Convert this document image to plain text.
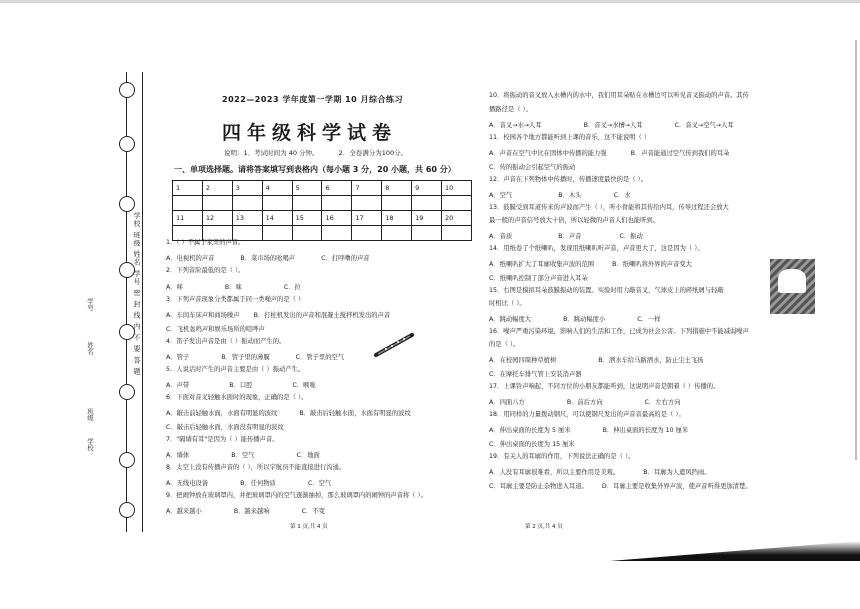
学校 班级 姓名 学号 密 封 线 内 不 要 答 题
学号
姓名
班级
学校
2022—2023 学年度第一学期 10 月综合练习
四年级科学试卷
说明：1．考试时间为 40 分钟。	2．全卷满分为100分。
一、单项选择题。请将答案填写到表格内（每小题 3 分，20 小题，共 60 分）
1	2	3	4	5	6	7	8	9	10

11	12	13	14	15	16	17	18	19	20

1．（ ）不属于家里的声音。
A．电视机的声音	B．菜市场的吆喝声	C．打呼噜的声音
2．下列音阶最低的是（ ）。
A．哆	B．咪	C．拉
3．下列声音现象分类都属于同一类噪声的是（ ）
A．车间车床声和商场噪声 B．打桩机发出的声音和混凝土搅拌机发出的声音
C．飞机轰鸣声和娱乐场所的喧哗声
4．笛子发出声音是由（ ）振动而产生的。
A．管子	B．管子里的薄膜	C．管子里的空气
5．人说话时产生的声音主要是由（ ）振动产生。
A．声带	B．口腔	C．喉咙
6．下面对音叉轻触水面时的现象，正确的是（ ）。
A．敲击前轻触水面，水面有明显的波纹	B．敲击后轻触水面，水面有明显的波纹
C．敲击后轻触水面，水面没有明显的波纹
7．"隔墙有耳"是因为（ ）能传播声音。
A．墙体	B．空气	C．地面
8．太空上没有传播声音的（ ），所以宇航员不能直接进行沟通。
A．无线电设备	B．任何物质	C．空气
9．把闹钟放在玻璃罩内，并把玻璃罩内的空气逐渐抽掉，那么玻璃罩内的闹钟的声音将（ ）。
A．越来越小	B．越来越响	C．不变
第 1 页,共 4 页
10．将振动的音叉放入水槽内的水中，我们用耳朵贴在水槽边可以听见音叉振动的声音。其传
播路径是（ ）。
A．音叉→水→人耳	B．音叉→水槽→人耳	C．音叉→空气→人耳
11．校园各个地方都能听到上课的音乐，这不能说明（ ）
A．声音在空气中比在固体中传播的能力强	B．声音能通过空气传到我们的耳朵
C．传的振动会引起空气的振动
12．声音在下列物体中传播时，传播速度最快的是（ ）。
A．空气	B．木头	C．水
13．鼓膜受到耳道传来的声波而产生（ ），听小骨能将其传给内耳，传导过程还会放大
最一般的声音信号放大十倍，所以轻微的声音人们也能听到。
A．音质	B．声音	C．振动
14．用纸卷了个纸喇叭，发现用纸喇叭听声音，声音更大了，这是因为（ ）。
A．纸喇叭扩大了耳廓收集声波的范围	B．纸喇叭将外界的声音变大
C．纸喇叭控制了部分声音进入耳朵
15．右图是模拟耳朵鼓膜振动的装置。实验时用力敲音叉，气球皮上的碎纸屑与轻敲
时相比（ ）。
A．跳动幅度大	B．跳动幅度小	C．一样
16．噪声严重污染环境，影响人们的生活和工作，已成为社会公害。下列措施中不能减弱噪声
的是（ ）。
A．在校园四周种草植树	B．洒水车给马路洒水，防止尘土飞扬
C．在摩托车排气管上安装消声器
17．上课铃声响起，不同方位的小朋友都能听到，这说明声音是朝着（ ）传播的。
A．四面八方	B．前后方向	C．左右方向
18．用同样的力量拨动钢尺，可以使钢尺发出的声音音最高的是（ ）。
A．伸出桌面的长度为 5 厘米	B．伸出桌面的长度为 10 厘米
C．伸出桌面的长度为 15 厘米
19．有关人的耳廓的作用，下列说法正确的是（ ）。
A．人没有耳廓很难看，所以主要作用是美观。	B．耳廓为人遮风挡雨。
C．耳廓主要是防止杂物进入耳道。 D．耳廓主要是收集外界声波，使声音听得更加清楚。
第 2 页,共 4 页
